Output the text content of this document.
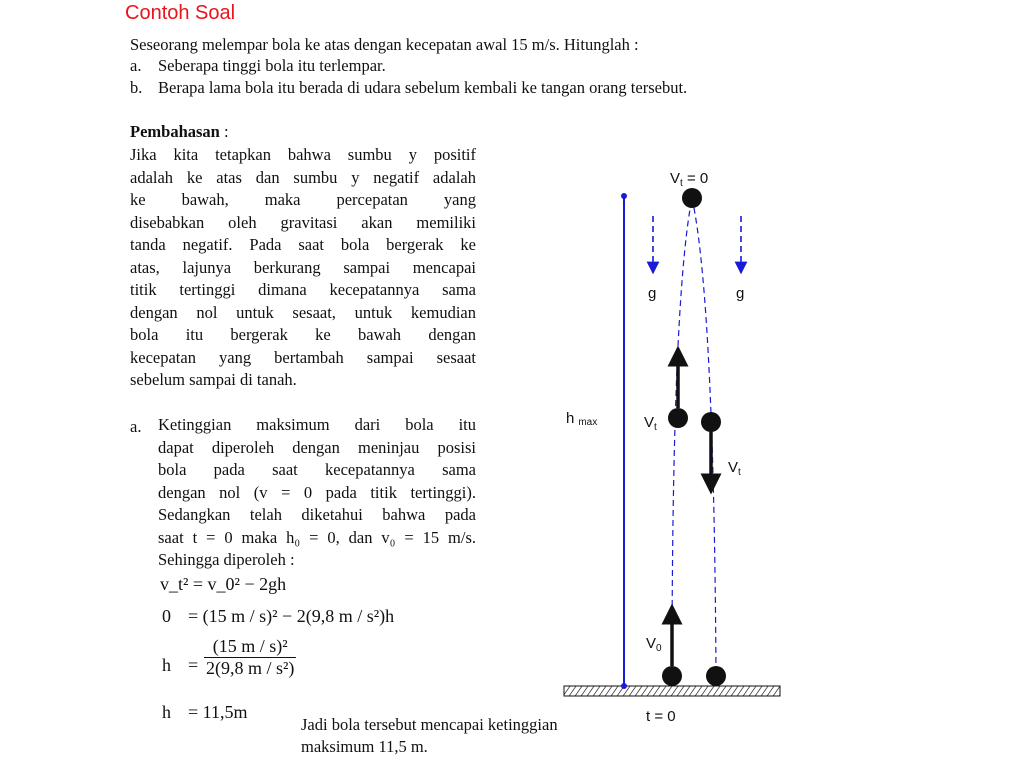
Contoh Soal
Seseorang melempar bola ke atas dengan kecepatan awal 15 m/s. Hitunglah :
a. Seberapa tinggi bola itu terlempar.
b. Berapa lama bola itu berada di udara sebelum kembali ke tangan orang tersebut.
Pembahasan :
Jika kita tetapkan bahwa sumbu y positif
adalah ke atas dan sumbu y negatif adalah
ke bawah, maka percepatan yang
disebabkan oleh gravitasi akan memiliki
tanda negatif. Pada saat bola bergerak ke
atas, lajunya berkurang sampai mencapai
titik tertinggi dimana kecepatannya sama
dengan nol untuk sesaat, untuk kemudian
bola itu bergerak ke bawah dengan
kecepatan yang bertambah sampai sesaat
sebelum sampai di tanah.
a. Ketinggian maksimum dari bola itu
dapat diperoleh dengan meninjau posisi
bola pada saat kecepatannya sama
dengan nol (v = 0 pada titik tertinggi).
Sedangkan telah diketahui bahwa pada
saat t = 0 maka h₀ = 0, dan v₀ = 15 m/s.
Sehingga diperoleh :
v_t² = v_0² − 2gh
0 = (15 m / s)² − 2(9,8 m / s²)h
$h = \frac{\text{(15 m / s)²}}{\text{2(9,8 m / s²)}}$
h = 11,5m
Jadi bola tersebut mencapai ketinggian
maksimum 11,5 m.
$V_t = 0$
g	g
hmax	$V_t$
$V_t$
$V_0$
t = 0
